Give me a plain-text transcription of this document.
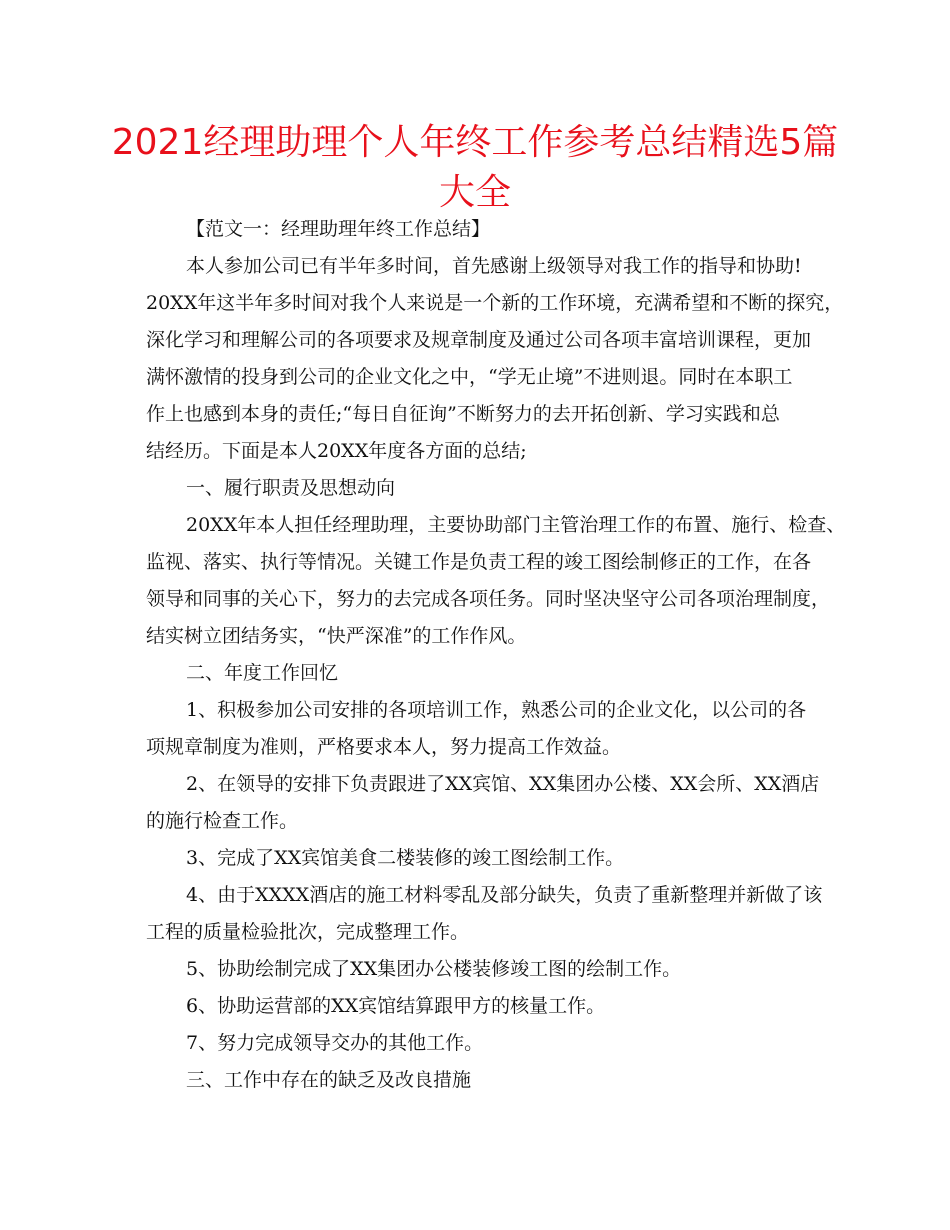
2021经理助理个人年终工作参考总结精选5篇
大全

【范文一：经理助理年终工作总结】

本人参加公司已有半年多时间，首先感谢上级领导对我工作的指导和协助!

20XX年这半年多时间对我个人来说是一个新的工作环境，充满希望和不断的探究，

深化学习和理解公司的各项要求及规章制度及通过公司各项丰富培训课程，更加

满怀激情的投身到公司的企业文化之中，“学无止境”不进则退。同时在本职工

作上也感到本身的责任;“每日自征询”不断努力的去开拓创新、学习实践和总

结经历。下面是本人20XX年度各方面的总结;

一、履行职责及思想动向

20XX年本人担任经理助理，主要协助部门主管治理工作的布置、施行、检查、

监视、落实、执行等情况。关键工作是负责工程的竣工图绘制修正的工作，在各

领导和同事的关心下，努力的去完成各项任务。同时坚决坚守公司各项治理制度，

结实树立团结务实，“快严深准”的工作作风。

二、年度工作回忆

1、积极参加公司安排的各项培训工作，熟悉公司的企业文化，以公司的各

项规章制度为准则，严格要求本人，努力提高工作效益。

2、在领导的安排下负责跟进了XX宾馆、XX集团办公楼、XX会所、XX酒店

的施行检查工作。

3、完成了XX宾馆美食二楼装修的竣工图绘制工作。

4、由于XXXX酒店的施工材料零乱及部分缺失，负责了重新整理并新做了该

工程的质量检验批次，完成整理工作。

5、协助绘制完成了XX集团办公楼装修竣工图的绘制工作。

6、协助运营部的XX宾馆结算跟甲方的核量工作。

7、努力完成领导交办的其他工作。

三、工作中存在的缺乏及改良措施
